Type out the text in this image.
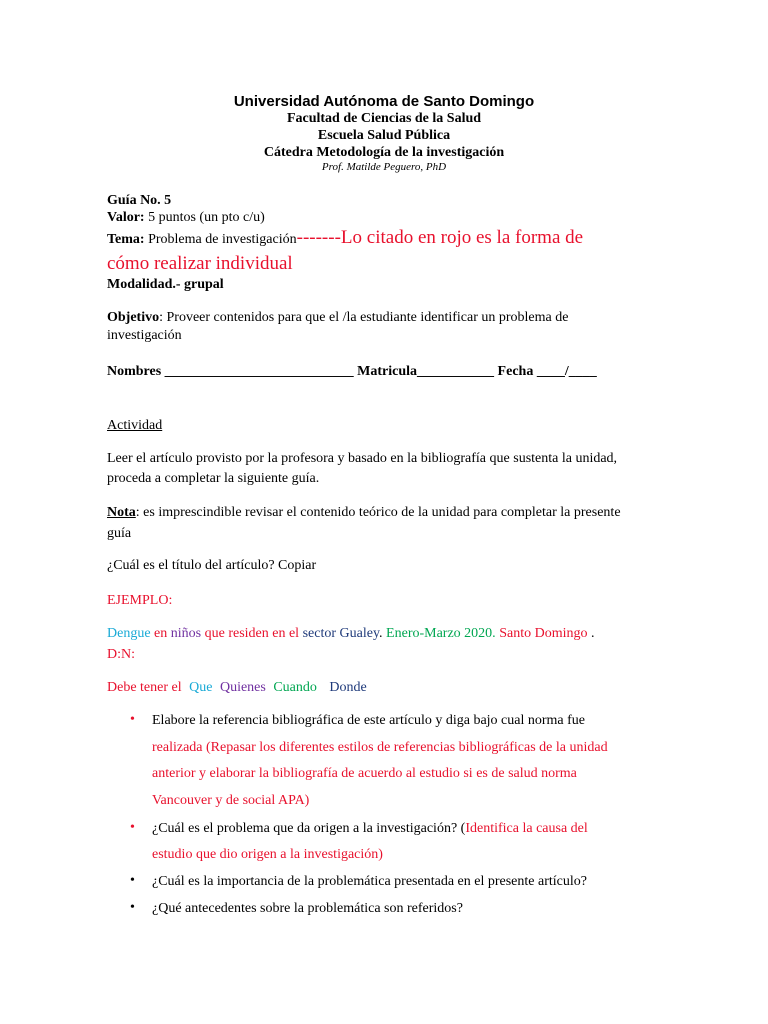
Universidad Autónoma de Santo Domingo
Facultad de Ciencias de la Salud
Escuela Salud Pública
Cátedra Metodología de la investigación
Prof. Matilde Peguero, PhD
Guía No. 5
Valor: 5 puntos (un pto c/u)
Tema: Problema de investigación-------Lo citado en rojo es la forma de
cómo realizar individual
Modalidad.- grupal
Objetivo: Proveer contenidos para que el /la estudiante identificar un problema de
investigación
Nombres ___________________________ Matricula___________ Fecha ____/____
Actividad
Leer el artículo provisto por la profesora y basado en la bibliografía que sustenta la unidad,
proceda a completar la siguiente guía.
Nota: es imprescindible revisar el contenido teórico de la unidad para completar la presente
guía
¿Cuál es el título del artículo? Copiar
EJEMPLO:
Dengue en niños que residen en el sector Gualey. Enero-Marzo 2020. Santo Domingo .
D:N:
Debe tener el Que Quienes Cuando Donde
• Elabore la referencia bibliográfica de este artículo y diga bajo cual norma fue
realizada (Repasar los diferentes estilos de referencias bibliográficas de la unidad
anterior y elaborar la bibliografía de acuerdo al estudio si es de salud norma
Vancouver y de social APA)
• ¿Cuál es el problema que da origen a la investigación? (Identifica la causa del
estudio que dio origen a la investigación)
• ¿Cuál es la importancia de la problemática presentada en el presente artículo?
• ¿Qué antecedentes sobre la problemática son referidos?
